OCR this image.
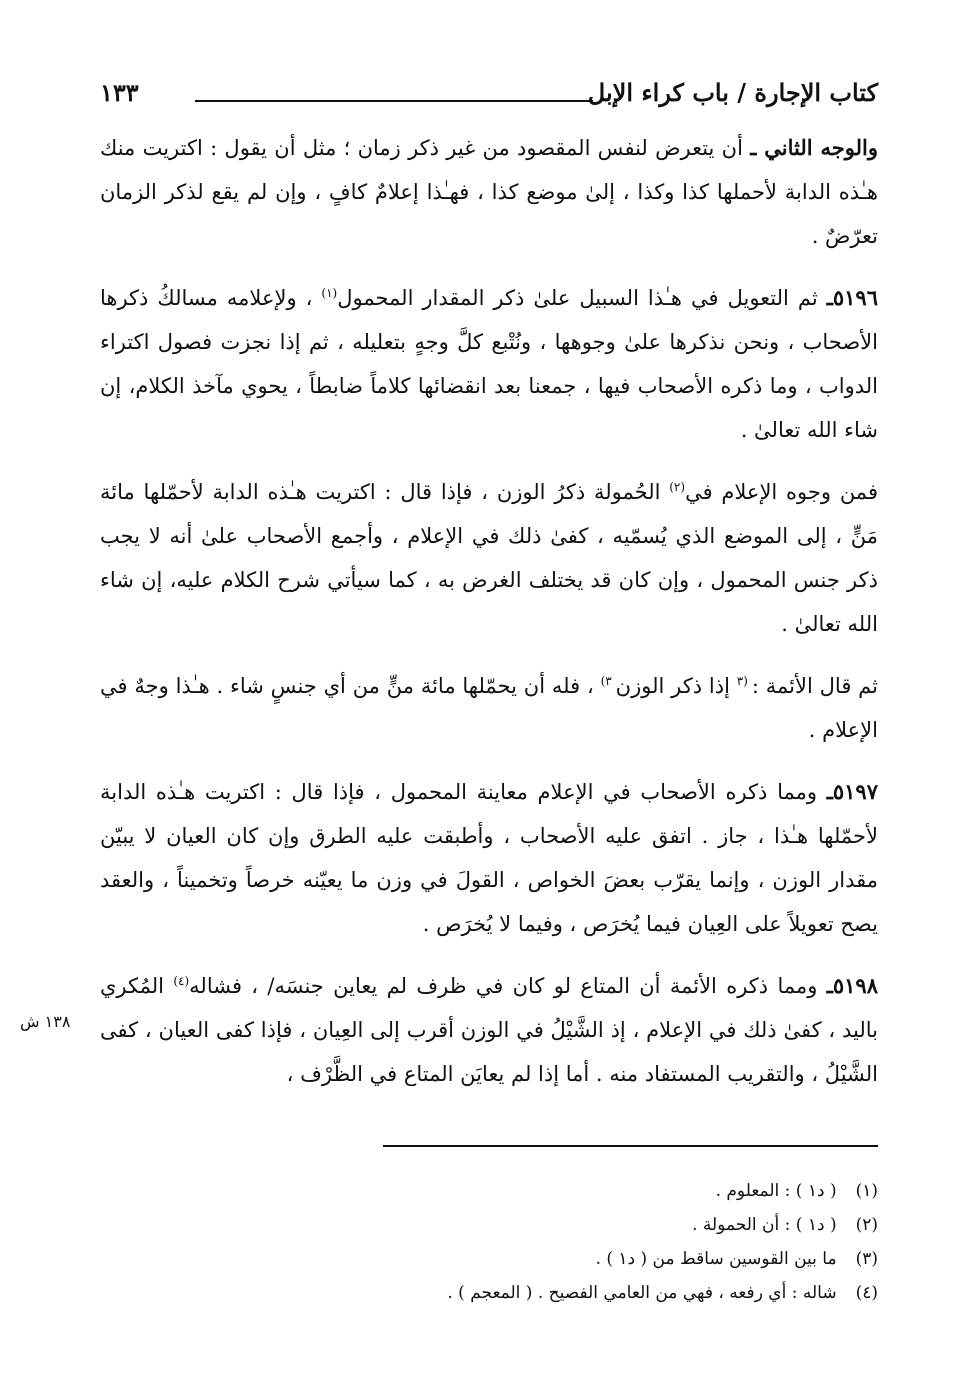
كتاب الإجارة / باب كراء الإبل
١٣٣

والوجه الثاني ـ أن يتعرض لنفس المقصود من غير ذكر زمان ؛ مثل أن يقول : اكتريت منك هـٰذه الدابة لأحملها كذا وكذا ، إلىٰ موضع كذا ، فهـٰذا إعلامٌ كافٍ ، وإن لم يقع لذكر الزمان تعرّضٌ .

٥١٩٦ـ ثم التعويل في هـٰذا السبيل علىٰ ذكر المقدار المحمول$^{(١)}$ ، ولإعلامه مسالكُ ذكرها الأصحاب ، ونحن نذكرها علىٰ وجوهها ، ونُتْبع كلَّ وجهٍ بتعليله ، ثم إذا نجزت فصول اكتراء الدواب ، وما ذكره الأصحاب فيها ، جمعنا بعد انقضائها كلاماً ضابطاً ، يحوي مآخذ الكلام، إن شاء الله تعالىٰ .

فمن وجوه الإعلام في$^{(٢)}$ الحُمولة ذكرُ الوزن ، فإذا قال : اكتريت هـٰذه الدابة لأحمّلها مائة مَنٍّ ، إلى الموضع الذي يُسمّيه ، كفىٰ ذلك في الإعلام ، وأجمع الأصحاب علىٰ أنه لا يجب ذكر جنس المحمول ، وإن كان قد يختلف الغرض به ، كما سيأتي شرح الكلام عليه، إن شاء الله تعالىٰ .

ثم قال الأئمة : $^{(٣}$ إذا ذكر الوزن $^{٣)}$ ، فله أن يحمّلها مائة منٍّ من أي جنسٍ شاء . هـٰذا وجهٌ في الإعلام .

٥١٩٧ـ ومما ذكره الأصحاب في الإعلام معاينة المحمول ، فإذا قال : اكتريت هـٰذه الدابة لأحمّلها هـٰذا ، جاز . اتفق عليه الأصحاب ، وأطبقت عليه الطرق وإن كان العيان لا يبيّن مقدار الوزن ، وإنما يقرّب بعضَ الخواص ، القولَ في وزن ما يعيّنه خرصاً وتخميناً ، والعقد يصح تعويلاً على العِيان فيما يُخرَص ، وفيما لا يُخرَص .

٥١٩٨ـ ومما ذكره الأئمة أن المتاع لو كان في ظرف لم يعاين جنسَه/ ، فشاله$^{(٤)}$ المُكري باليد ، كفىٰ ذلك في الإعلام ، إذ الشَّيْلُ في الوزن أقرب إلى العِيان ، فإذا كفى العيان ، كفى الشَّيْلُ ، والتقريب المستفاد منه . أما إذا لم يعايَن المتاع في الظَّرْف ،

١٣٨ ش
(١) ( د١ ) : المعلوم .
(٢) ( د١ ) : أن الحمولة .
(٣) ما بين القوسين ساقط من ( د١ ) .
(٤) شاله : أي رفعه ، فهي من العامي الفصيح . ( المعجم ) .
